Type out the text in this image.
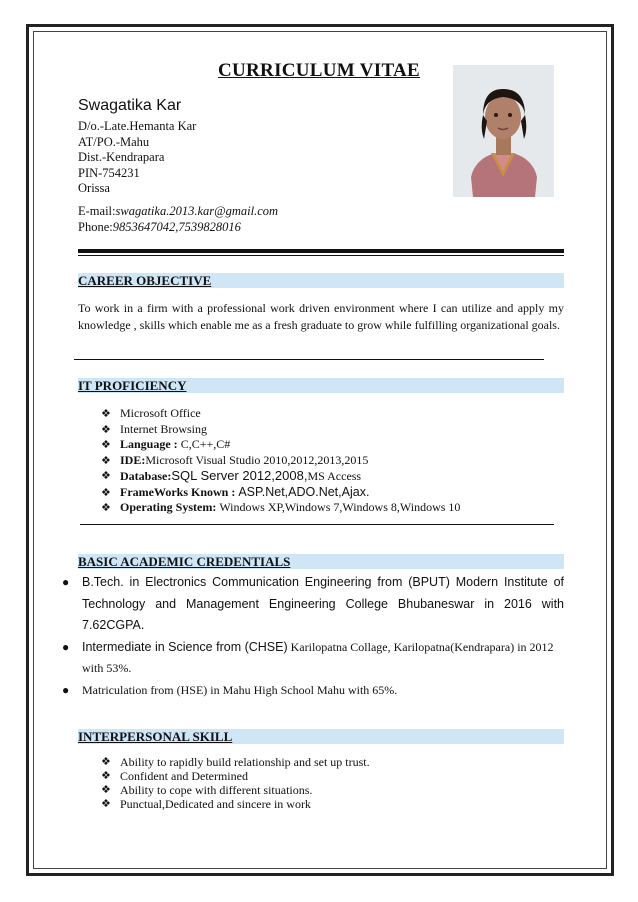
CURRICULUM VITAE
Swagatika Kar
D/o.-Late.Hemanta Kar
AT/PO.-Mahu
Dist.-Kendrapara
PIN-754231
Orissa
E-mail:swagatika.2013.kar@gmail.com
Phone:9853647042,7539828016
CAREER OBJECTIVE
To work in a firm with a professional work driven environment where I can utilize and apply my knowledge , skills which enable me as a fresh graduate to grow while fulfilling organizational goals.
IT PROFICIENCY
❖ Microsoft Office
❖ Internet Browsing
❖ Language : C,C++,C#
❖ IDE:Microsoft Visual Studio 2010,2012,2013,2015
❖ Database:SQL Server 2012,2008,MS Access
❖ FrameWorks Known : ASP.Net,ADO.Net,Ajax.
❖ Operating System: Windows XP,Windows 7,Windows 8,Windows 10
BASIC ACADEMIC CREDENTIALS
● B.Tech. in Electronics Communication Engineering from (BPUT) Modern Institute of Technology and Management Engineering College Bhubaneswar in 2016 with 7.62CGPA.
● Intermediate in Science from (CHSE) Karilopatna Collage, Karilopatna(Kendrapara) in 2012 with 53%.
● Matriculation from (HSE) in Mahu High School Mahu with 65%.
INTERPERSONAL SKILL
❖ Ability to rapidly build relationship and set up trust.
❖ Confident and Determined
❖ Ability to cope with different situations.
❖ Punctual,Dedicated and sincere in work
